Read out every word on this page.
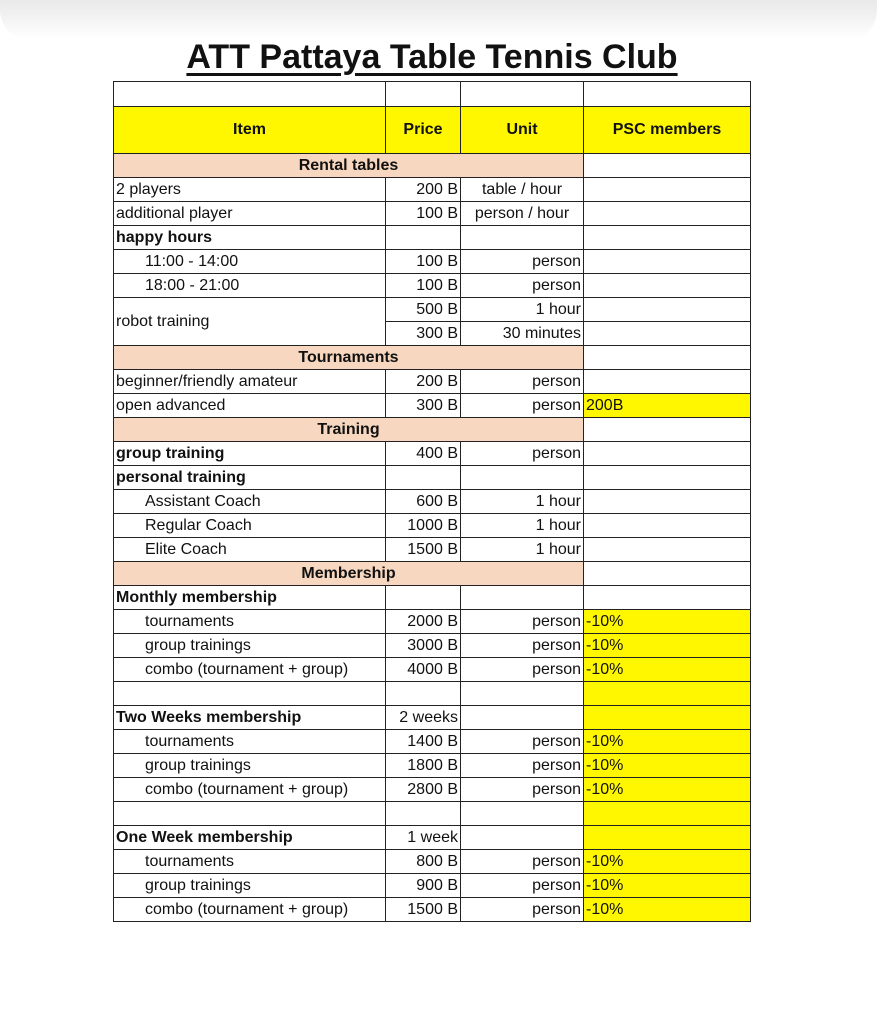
ATT Pattaya Table Tennis Club

Item	Price	Unit	PSC members
Rental tables			
2 players	200 B	table / hour	
additional player	100 B	person / hour	
happy hours			
11:00 - 14:00	100 B	person	
18:00 - 21:00	100 B	person	
robot training	500 B	1 hour	
	300 B	30 minutes	
Tournaments			
beginner/friendly amateur	200 B	person	
open advanced	300 B	person	200B
Training			
group training	400 B	person	
personal training			
Assistant Coach	600 B	1 hour	
Regular Coach	1000 B	1 hour	
Elite Coach	1500 B	1 hour	
Membership			
Monthly membership			
tournaments	2000 B	person	-10%
group trainings	3000 B	person	-10%
combo (tournament + group)	4000 B	person	-10%

Two Weeks membership	2 weeks		
tournaments	1400 B	person	-10%
group trainings	1800 B	person	-10%
combo (tournament + group)	2800 B	person	-10%

One Week membership	1 week		
tournaments	800 B	person	-10%
group trainings	900 B	person	-10%
combo (tournament + group)	1500 B	person	-10%
